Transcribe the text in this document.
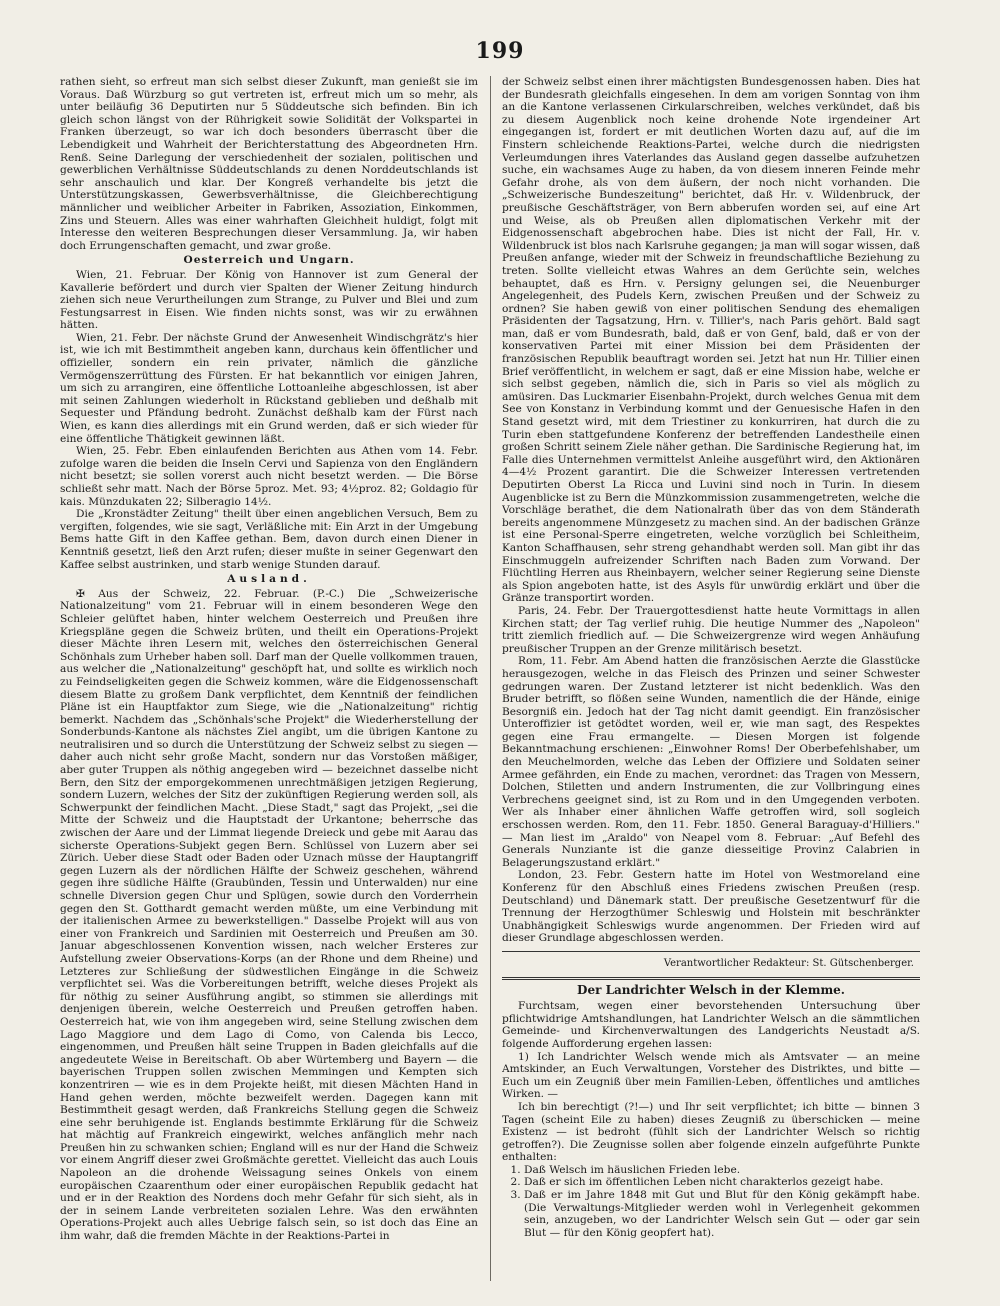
199

rathen sieht, so erfreut man sich selbst dieser Zukunft, man genießt sie im Voraus. Daß Würzburg so gut vertreten ist, erfreut mich um so mehr, als unter beiläufig 36 Deputirten nur 5 Süddeutsche sich befinden. Bin ich gleich schon längst von der Rührigkeit sowie Solidität der Volkspartei in Franken überzeugt, so war ich doch besonders überrascht über die Lebendigkeit und Wahrheit der Berichterstattung des Abgeordneten Hrn. Renß. Seine Darlegung der verschiedenheit der sozialen, politischen und gewerblichen Verhältnisse Süddeutschlands zu denen Norddeutschlands ist sehr anschaulich und klar. Der Kongreß verhandelte bis jetzt die Unterstützungskassen, Gewerbsverhältnisse, die Gleichberechtigung männlicher und weiblicher Arbeiter in Fabriken, Assoziation, Einkommen, Zins und Steuern. Alles was einer wahrhaften Gleichheit huldigt, folgt mit Interesse den weiteren Besprechungen dieser Versammlung. Ja, wir haben doch Errungenschaften gemacht, und zwar große.

Oesterreich und Ungarn.

Wien, 21. Februar. Der König von Hannover ist zum General der Kavallerie befördert und durch vier Spalten der Wiener Zeitung hindurch ziehen sich neue Verurtheilungen zum Strange, zu Pulver und Blei und zum Festungsarrest in Eisen. Wie finden nichts sonst, was wir zu erwähnen hätten.

Wien, 21. Febr. Der nächste Grund der Anwesenheit Windischgrätz's hier ist, wie ich mit Bestimmtheit angeben kann, durchaus kein öffentlicher und offizieller, sondern ein rein privater, nämlich die gänzliche Vermögenszerrüttung des Fürsten. Er hat bekanntlich vor einigen Jahren, um sich zu arrangiren, eine öffentliche Lottoanleihe abgeschlossen, ist aber mit seinen Zahlungen wiederholt in Rückstand geblieben und deßhalb mit Sequester und Pfändung bedroht. Zunächst deßhalb kam der Fürst nach Wien, es kann dies allerdings mit ein Grund werden, daß er sich wieder für eine öffentliche Thätigkeit gewinnen läßt.

Wien, 25. Febr. Eben einlaufenden Berichten aus Athen vom 14. Febr. zufolge waren die beiden die Inseln Cervi und Sapienza von den Engländern nicht besetzt; sie sollen vorerst auch nicht besetzt werden. — Die Börse schließt sehr matt. Nach der Börse 5proz. Met. 93; 4½proz. 82; Goldagio für kais. Münzdukaten 22; Silberagio 14½.

Die „Kronstädter Zeitung" theilt über einen angeblichen Versuch, Bem zu vergiften, folgendes, wie sie sagt, Verläßliche mit: Ein Arzt in der Umgebung Bems hatte Gift in den Kaffee gethan. Bem, davon durch einen Diener in Kenntniß gesetzt, ließ den Arzt rufen; dieser mußte in seiner Gegenwart den Kaffee selbst austrinken, und starb wenige Stunden darauf.

Ausland.

✠ Aus der Schweiz, 22. Februar. (P.-C.) Die „Schweizerische Nationalzeitung" vom 21. Februar will in einem besonderen Wege den Schleier gelüftet haben, hinter welchem Oesterreich und Preußen ihre Kriegspläne gegen die Schweiz brüten, und theilt ein Operations-Projekt dieser Mächte ihren Lesern mit, welches den österreichischen General Schönhals zum Urheber haben soll. Darf man der Quelle vollkommen trauen, aus welcher die „Nationalzeitung" geschöpft hat, und sollte es wirklich noch zu Feindseligkeiten gegen die Schweiz kommen, wäre die Eidgenossenschaft diesem Blatte zu großem Dank verpflichtet, dem Kenntniß der feindlichen Pläne ist ein Hauptfaktor zum Siege, wie die „Nationalzeitung" richtig bemerkt. Nachdem das „Schönhals'sche Projekt" die Wiederherstellung der Sonderbunds-Kantone als nächstes Ziel angibt, um die übrigen Kantone zu neutralisiren und so durch die Unterstützung der Schweiz selbst zu siegen — daher auch nicht sehr große Macht, sondern nur das Vorstoßen mäßiger, aber guter Truppen als nöthig angegeben wird — bezeichnet dasselbe nicht Bern, den Sitz der emporgekommenen unrechtmäßigen jetzigen Regierung, sondern Luzern, welches der Sitz der zukünftigen Regierung werden soll, als Schwerpunkt der feindlichen Macht. „Diese Stadt," sagt das Projekt, „sei die Mitte der Schweiz und die Hauptstadt der Urkantone; beherrsche das zwischen der Aare und der Limmat liegende Dreieck und gebe mit Aarau das sicherste Operations-Subjekt gegen Bern. Schlüssel von Luzern aber sei Zürich. Ueber diese Stadt oder Baden oder Uznach müsse der Hauptangriff gegen Luzern als der nördlichen Hälfte der Schweiz geschehen, während gegen ihre südliche Hälfte (Graubünden, Tessin und Unterwalden) nur eine schnelle Diversion gegen Chur und Splügen, sowie durch den Vorderrhein gegen den St. Gotthardt gemacht werden müßte, um eine Verbindung mit der italienischen Armee zu bewerkstelligen." Dasselbe Projekt will aus von einer von Frankreich und Sardinien mit Oesterreich und Preußen am 30. Januar abgeschlossenen Konvention wissen, nach welcher Ersteres zur Aufstellung zweier Observations-Korps (an der Rhone und dem Rheine) und Letzteres zur Schließung der südwestlichen Eingänge in die Schweiz verpflichtet sei. Was die Vorbereitungen betrifft, welche dieses Projekt als für nöthig zu seiner Ausführung angibt, so stimmen sie allerdings mit denjenigen überein, welche Oesterreich und Preußen getroffen haben. Oesterreich hat, wie von ihm angegeben wird, seine Stellung zwischen dem Lago Maggiore und dem Lago di Como, von Calenda bis Lecco, eingenommen, und Preußen hält seine Truppen in Baden gleichfalls auf die angedeutete Weise in Bereitschaft. Ob aber Würtemberg und Bayern — die bayerischen Truppen sollen zwischen Memmingen und Kempten sich konzentriren — wie es in dem Projekte heißt, mit diesen Mächten Hand in Hand gehen werden, möchte bezweifelt werden. Dagegen kann mit Bestimmtheit gesagt werden, daß Frankreichs Stellung gegen die Schweiz eine sehr beruhigende ist. Englands bestimmte Erklärung für die Schweiz hat mächtig auf Frankreich eingewirkt, welches anfänglich mehr nach Preußen hin zu schwanken schien; England will es nur der Hand die Schweiz vor einem Angriff dieser zwei Großmächte gerettet. Vielleicht das auch Louis Napoleon an die drohende Weissagung seines Onkels von einem europäischen Czaarenthum oder einer europäischen Republik gedacht hat und er in der Reaktion des Nordens doch mehr Gefahr für sich sieht, als in der in seinem Lande verbreiteten sozialen Lehre. Was den erwähnten Operations-Projekt auch alles Uebrige falsch sein, so ist doch das Eine an ihm wahr, daß die fremden Mächte in der Reaktions-Partei in

der Schweiz selbst einen ihrer mächtigsten Bundesgenossen haben. Dies hat der Bundesrath gleichfalls eingesehen. In dem am vorigen Sonntag von ihm an die Kantone verlassenen Cirkularschreiben, welches verkündet, daß bis zu diesem Augenblick noch keine drohende Note irgendeiner Art eingegangen ist, fordert er mit deutlichen Worten dazu auf, auf die im Finstern schleichende Reaktions-Partei, welche durch die niedrigsten Verleumdungen ihres Vaterlandes das Ausland gegen dasselbe aufzuhetzen suche, ein wachsames Auge zu haben, da von diesem inneren Feinde mehr Gefahr drohe, als von dem äußern, der noch nicht vorhanden. Die „Schweizerische Bundeszeitung" berichtet, daß Hr. v. Wildenbruck, der preußische Geschäftsträger, von Bern abberufen worden sei, auf eine Art und Weise, als ob Preußen allen diplomatischen Verkehr mit der Eidgenossenschaft abgebrochen habe. Dies ist nicht der Fall, Hr. v. Wildenbruck ist blos nach Karlsruhe gegangen; ja man will sogar wissen, daß Preußen anfange, wieder mit der Schweiz in freundschaftliche Beziehung zu treten. Sollte vielleicht etwas Wahres an dem Gerüchte sein, welches behauptet, daß es Hrn. v. Persigny gelungen sei, die Neuenburger Angelegenheit, des Pudels Kern, zwischen Preußen und der Schweiz zu ordnen? Sie haben gewiß von einer politischen Sendung des ehemaligen Präsidenten der Tagsatzung, Hrn. v. Tillier's, nach Paris gehört. Bald sagt man, daß er vom Bundesrath, bald, daß er von Genf, bald, daß er von der konservativen Partei mit einer Mission bei dem Präsidenten der französischen Republik beauftragt worden sei. Jetzt hat nun Hr. Tillier einen Brief veröffentlicht, in welchem er sagt, daß er eine Mission habe, welche er sich selbst gegeben, nämlich die, sich in Paris so viel als möglich zu amüsiren. Das Luckmarier Eisenbahn-Projekt, durch welches Genua mit dem See von Konstanz in Verbindung kommt und der Genuesische Hafen in den Stand gesetzt wird, mit dem Triestiner zu konkurriren, hat durch die zu Turin eben stattgefundene Konferenz der betreffenden Landestheile einen großen Schritt seinem Ziele näher gethan. Die Sardinische Regierung hat, im Falle dies Unternehmen vermittelst Anleihe ausgeführt wird, den Aktionären 4—4½ Prozent garantirt. Die die Schweizer Interessen vertretenden Deputirten Oberst La Ricca und Luvini sind noch in Turin. In diesem Augenblicke ist zu Bern die Münzkommission zusammengetreten, welche die Vorschläge berathet, die dem Nationalrath über das von dem Ständerath bereits angenommene Münzgesetz zu machen sind. An der badischen Gränze ist eine Personal-Sperre eingetreten, welche vorzüglich bei Schleitheim, Kanton Schaffhausen, sehr streng gehandhabt werden soll. Man gibt ihr das Einschmuggeln aufreizender Schriften nach Baden zum Vorwand. Der Flüchtling Herren aus Rheinbayern, welcher seiner Regierung seine Dienste als Spion angeboten hatte, ist des Asyls für unwürdig erklärt und über die Gränze transportirt worden.

Paris, 24. Febr. Der Trauergottesdienst hatte heute Vormittags in allen Kirchen statt; der Tag verlief ruhig. Die heutige Nummer des „Napoleon" tritt ziemlich friedlich auf. — Die Schweizergrenze wird wegen Anhäufung preußischer Truppen an der Grenze militärisch besetzt.

Rom, 11. Febr. Am Abend hatten die französischen Aerzte die Glasstücke herausgezogen, welche in das Fleisch des Prinzen und seiner Schwester gedrungen waren. Der Zustand letzterer ist nicht bedenklich. Was den Bruder betrifft, so flößen seine Wunden, namentlich die der Hände, einige Besorgniß ein. Jedoch hat der Tag nicht damit geendigt. Ein französischer Unteroffizier ist getödtet worden, weil er, wie man sagt, des Respektes gegen eine Frau ermangelte. — Diesen Morgen ist folgende Bekanntmachung erschienen: „Einwohner Roms! Der Oberbefehlshaber, um den Meuchelmorden, welche das Leben der Offiziere und Soldaten seiner Armee gefährden, ein Ende zu machen, verordnet: das Tragen von Messern, Dolchen, Stiletten und andern Instrumenten, die zur Vollbringung eines Verbrechens geeignet sind, ist zu Rom und in den Umgegenden verboten. Wer als Inhaber einer ähnlichen Waffe getroffen wird, soll sogleich erschossen werden. Rom, den 11. Febr. 1850. General Baraguay-d'Hilliers." — Man liest im „Araldo" von Neapel vom 8. Februar: „Auf Befehl des Generals Nunziante ist die ganze diesseitige Provinz Calabrien in Belagerungszustand erklärt."

London, 23. Febr. Gestern hatte im Hotel von Westmoreland eine Konferenz für den Abschluß eines Friedens zwischen Preußen (resp. Deutschland) und Dänemark statt. Der preußische Gesetzentwurf für die Trennung der Herzogthümer Schleswig und Holstein mit beschränkter Unabhängigkeit Schleswigs wurde angenommen. Der Frieden wird auf dieser Grundlage abgeschlossen werden.

Verantwortlicher Redakteur: St. Gütschenberger.
Der Landrichter Welsch in der Klemme.

Furchtsam, wegen einer bevorstehenden Untersuchung über pflichtwidrige Amtshandlungen, hat Landrichter Welsch an die sämmtlichen Gemeinde- und Kirchenverwaltungen des Landgerichts Neustadt a/S. folgende Aufforderung ergehen lassen:

1) Ich Landrichter Welsch wende mich als Amtsvater — an meine Amtskinder, an Euch Verwaltungen, Vorsteher des Distriktes, und bitte — Euch um ein Zeugniß über mein Familien-Leben, öffentliches und amtliches Wirken. —

Ich bin berechtigt (?!—) und Ihr seit verpflichtet; ich bitte — binnen 3 Tagen (scheint Eile zu haben) dieses Zeugniß zu überschicken — meine Existenz — ist bedroht (fühlt sich der Landrichter Welsch so richtig getroffen?). Die Zeugnisse sollen aber folgende einzeln aufgeführte Punkte enthalten:

1. Daß Welsch im häuslichen Frieden lebe.
2. Daß er sich im öffentlichen Leben nicht charakterlos gezeigt habe.
3. Daß er im Jahre 1848 mit Gut und Blut für den König gekämpft habe. (Die Verwaltungs-Mitglieder werden wohl in Verlegenheit gekommen sein, anzugeben, wo der Landrichter Welsch sein Gut — oder gar sein Blut — für den König geopfert hat).
